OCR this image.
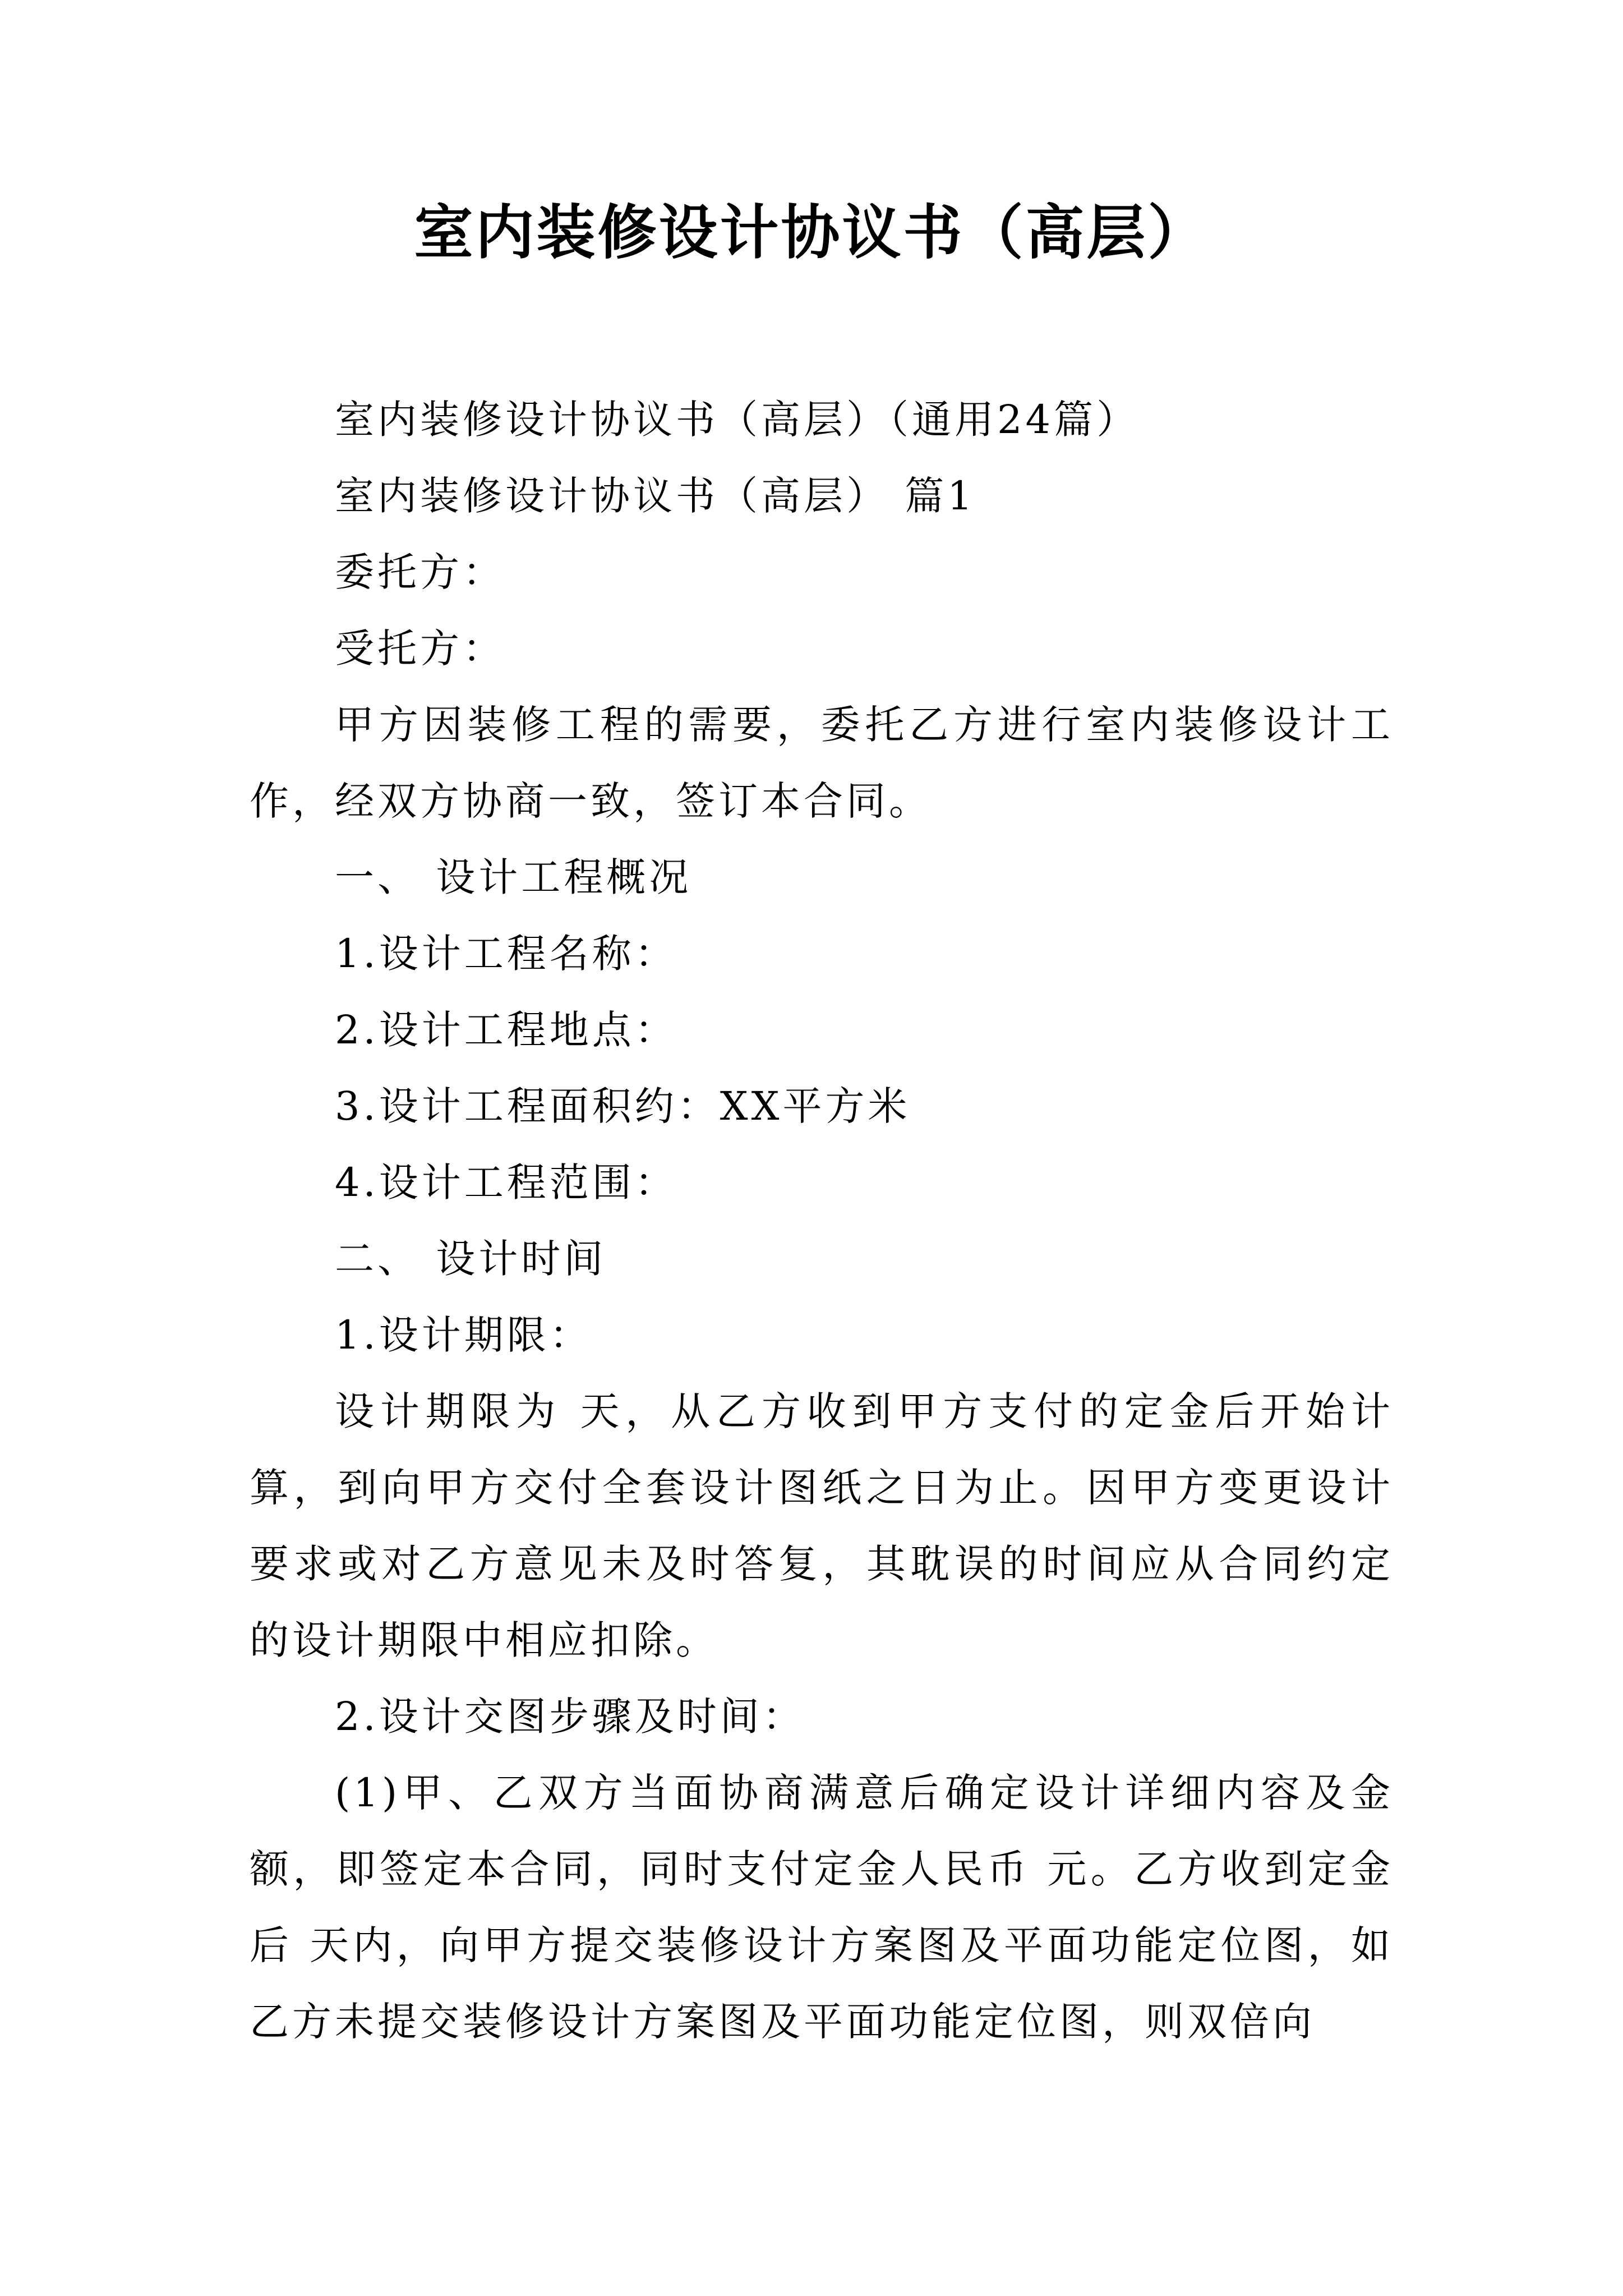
室内装修设计协议书（高层）

室内装修设计协议书（高层）（通用24篇）

室内装修设计协议书（高层） 篇1

委托方：

受托方：

甲方因装修工程的需要，委托乙方进行室内装修设计工作，经双方协商一致，签订本合同。

一、 设计工程概况

1.设计工程名称：

2.设计工程地点：

3.设计工程面积约：XX平方米

4.设计工程范围：

二、 设计时间

1.设计期限：

设计期限为 天，从乙方收到甲方支付的定金后开始计算，到向甲方交付全套设计图纸之日为止。因甲方变更设计要求或对乙方意见未及时答复，其耽误的时间应从合同约定的设计期限中相应扣除。

2.设计交图步骤及时间：

(1)甲、乙双方当面协商满意后确定设计详细内容及金额，即签定本合同，同时支付定金人民币 元。乙方收到定金后 天内，向甲方提交装修设计方案图及平面功能定位图，如乙方未提交装修设计方案图及平面功能定位图，则双倍向
